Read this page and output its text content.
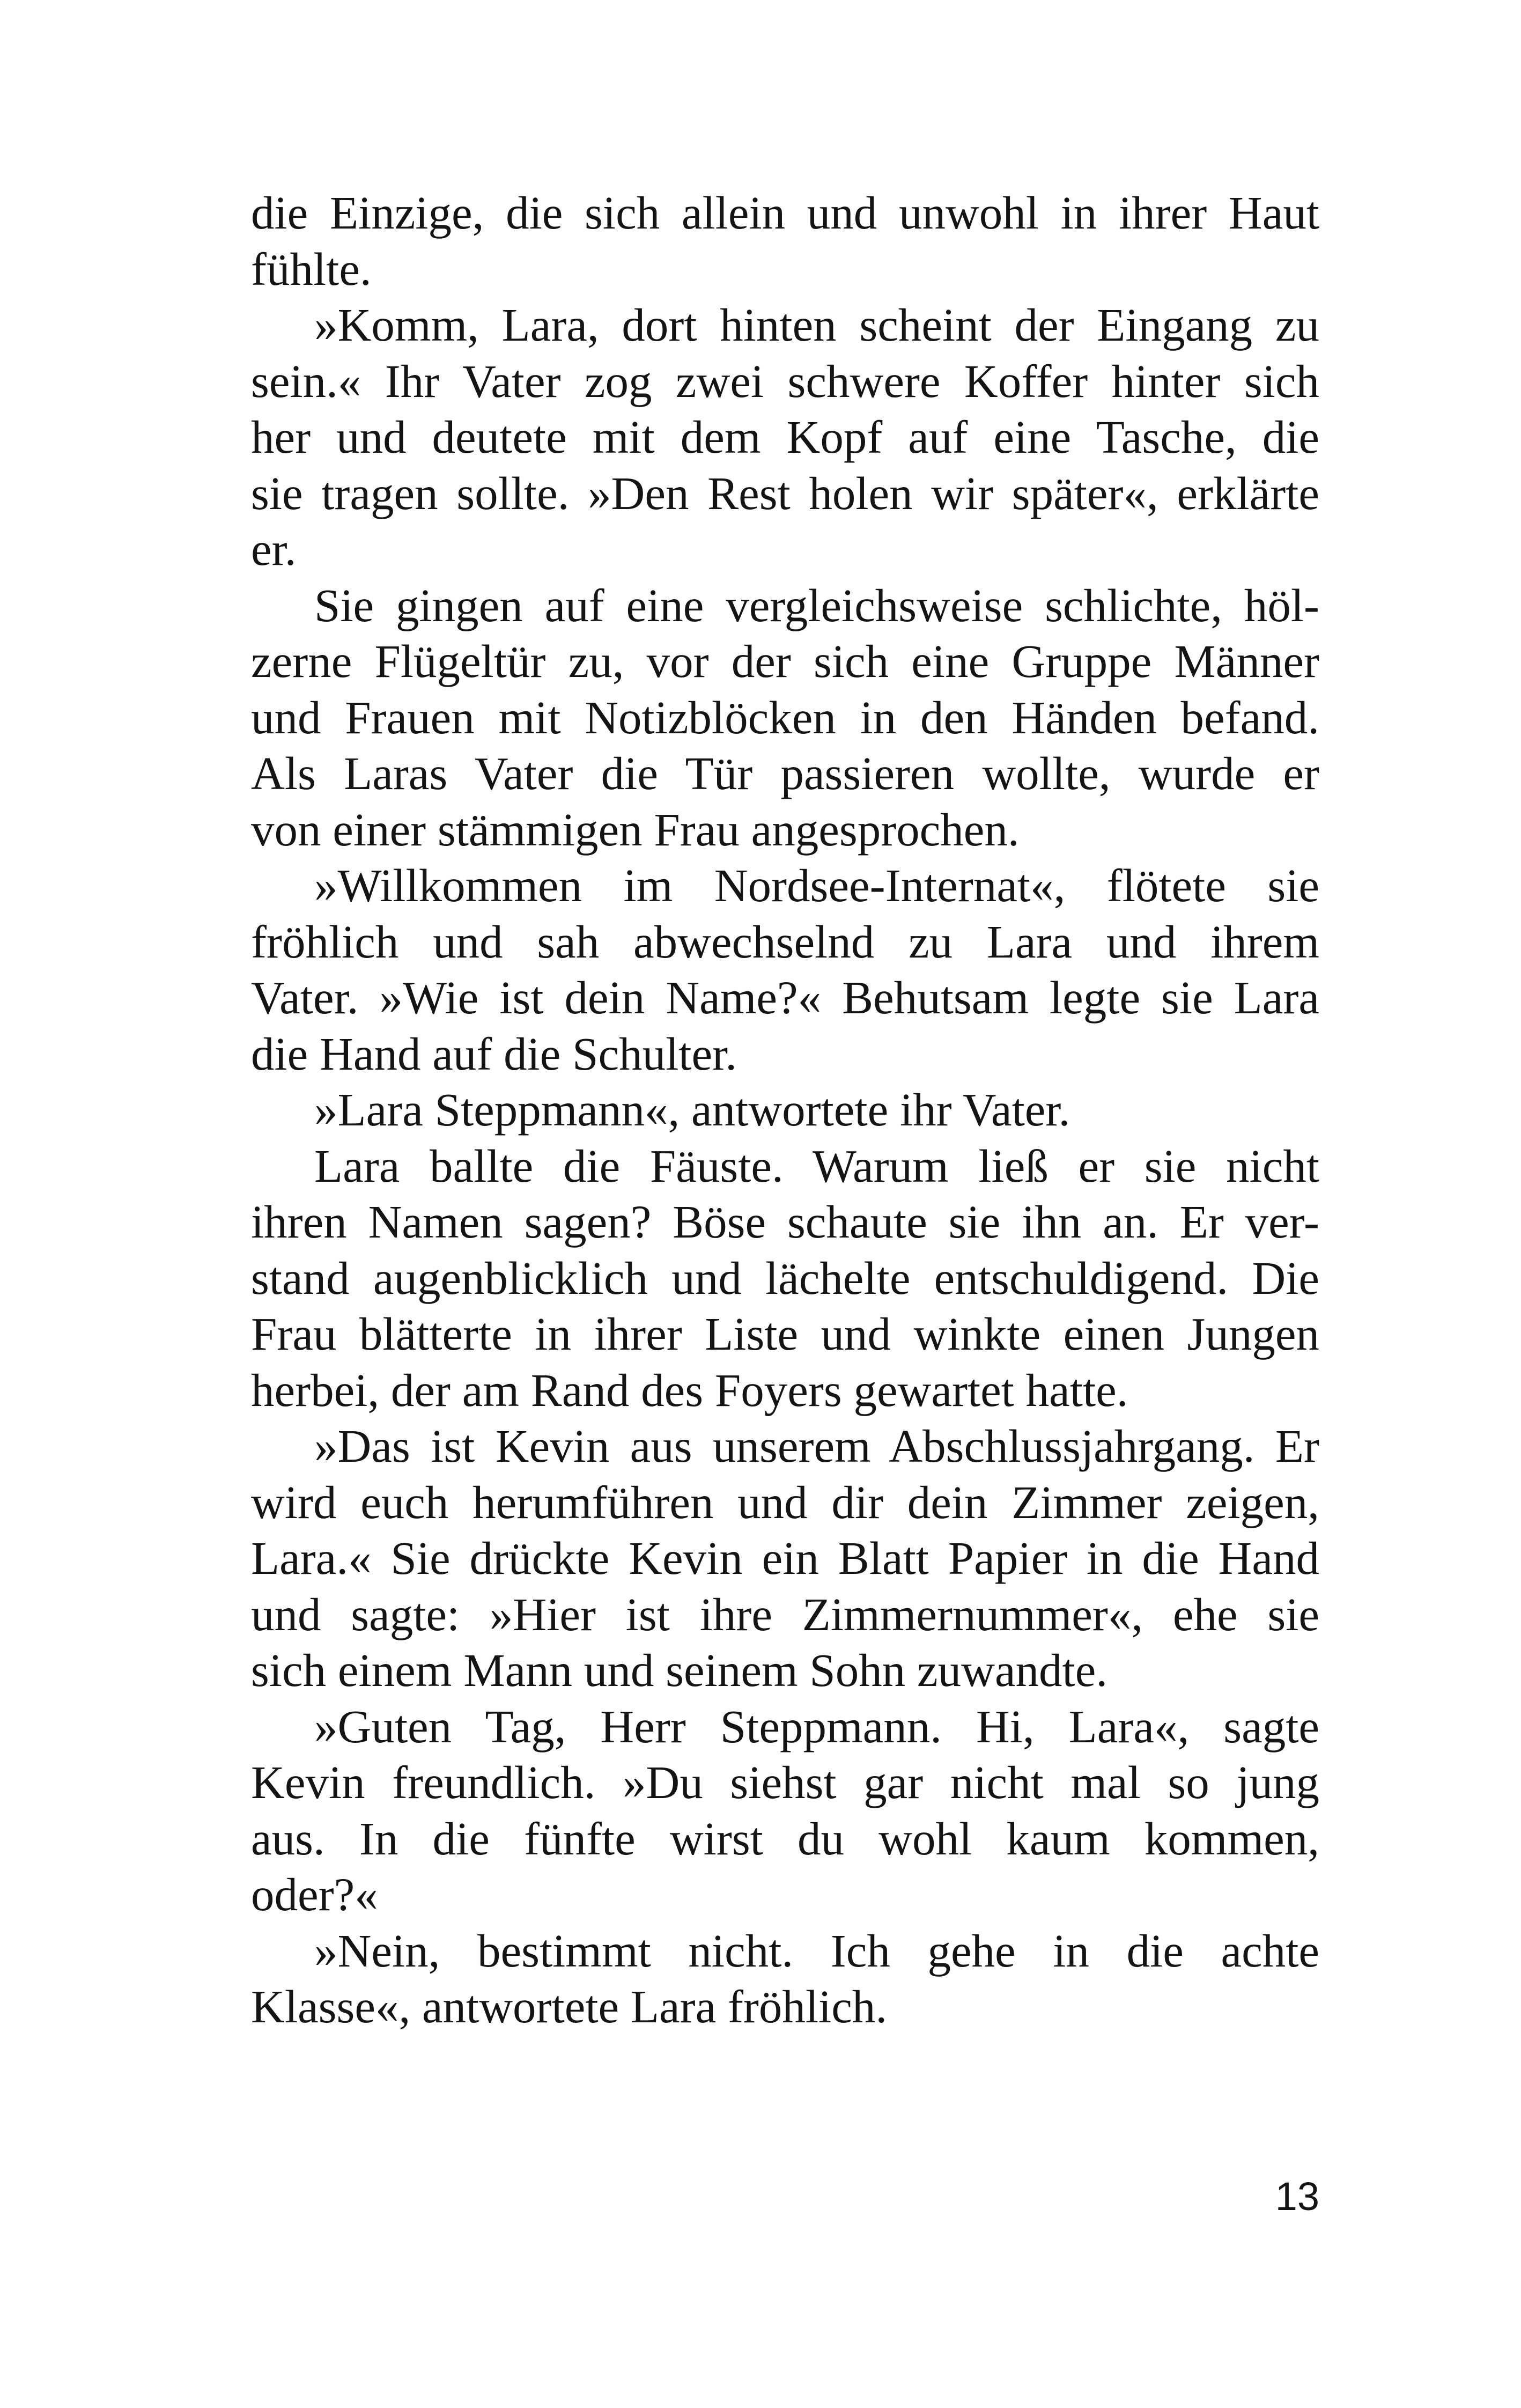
die Einzige, die sich allein und unwohl in ihrer Haut
fühlte.
»Komm, Lara, dort hinten scheint der Eingang zu
sein.« Ihr Vater zog zwei schwere Koffer hinter sich
her und deutete mit dem Kopf auf eine Tasche, die
sie tragen sollte. »Den Rest holen wir später«, erklärte
er.
Sie gingen auf eine vergleichsweise schlichte, höl-
zerne Flügeltür zu, vor der sich eine Gruppe Männer
und Frauen mit Notizblöcken in den Händen befand.
Als Laras Vater die Tür passieren wollte, wurde er
von einer stämmigen Frau angesprochen.
»Willkommen im Nordsee-Internat«, flötete sie
fröhlich und sah abwechselnd zu Lara und ihrem
Vater. »Wie ist dein Name?« Behutsam legte sie Lara
die Hand auf die Schulter.
»Lara Steppmann«, antwortete ihr Vater.
Lara ballte die Fäuste. Warum ließ er sie nicht
ihren Namen sagen? Böse schaute sie ihn an. Er ver-
stand augenblicklich und lächelte entschuldigend. Die
Frau blätterte in ihrer Liste und winkte einen Jungen
herbei, der am Rand des Foyers gewartet hatte.
»Das ist Kevin aus unserem Abschlussjahrgang. Er
wird euch herumführen und dir dein Zimmer zeigen,
Lara.« Sie drückte Kevin ein Blatt Papier in die Hand
und sagte: »Hier ist ihre Zimmernummer«, ehe sie
sich einem Mann und seinem Sohn zuwandte.
»Guten Tag, Herr Steppmann. Hi, Lara«, sagte
Kevin freundlich. »Du siehst gar nicht mal so jung
aus. In die fünfte wirst du wohl kaum kommen,
oder?«
»Nein, bestimmt nicht. Ich gehe in die achte
Klasse«, antwortete Lara fröhlich.
13
